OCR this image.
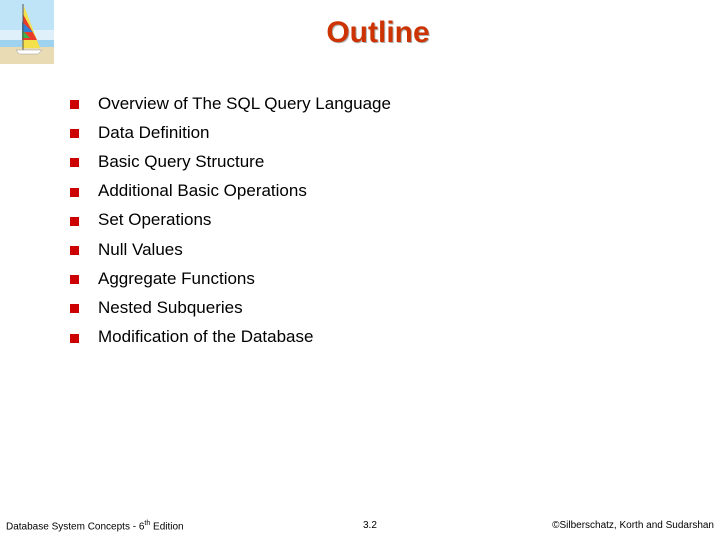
Outline
Overview of The SQL Query Language
Data Definition
Basic Query Structure
Additional Basic Operations
Set Operations
Null Values
Aggregate Functions
Nested Subqueries
Modification of the Database
Database System Concepts - 6th Edition	3.2	©Silberschatz, Korth and Sudarshan
